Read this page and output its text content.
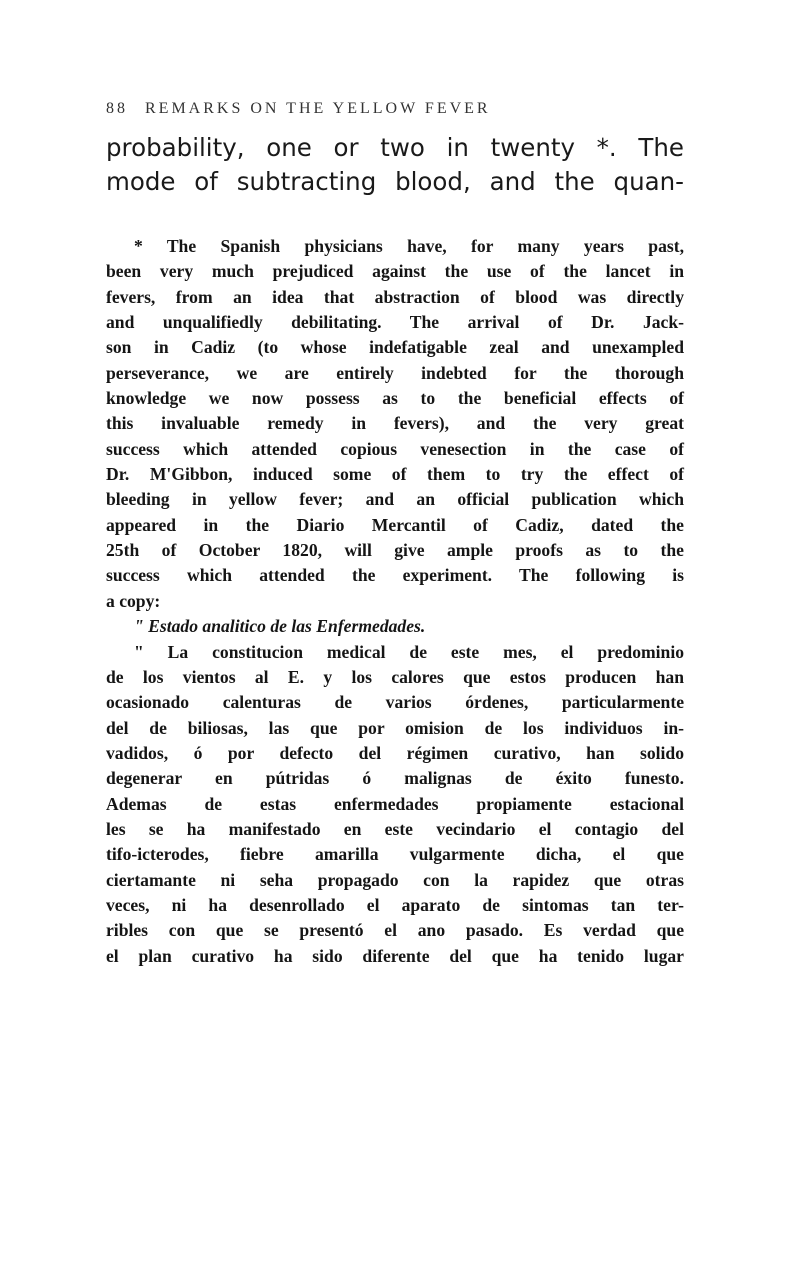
88 REMARKS ON THE YELLOW FEVER
probability, one or two in twenty *. The
mode of subtracting blood, and the quan-
* The Spanish physicians have, for many years past,
been very much prejudiced against the use of the lancet in
fevers, from an idea that abstraction of blood was directly
and unqualifiedly debilitating. The arrival of Dr. Jack-
son in Cadiz (to whose indefatigable zeal and unexampled
perseverance, we are entirely indebted for the thorough
knowledge we now possess as to the beneficial effects of
this invaluable remedy in fevers), and the very great
success which attended copious venesection in the case of
Dr. M'Gibbon, induced some of them to try the effect of
bleeding in yellow fever; and an official publication which
appeared in the Diario Mercantil of Cadiz, dated the
25th of October 1820, will give ample proofs as to the
success which attended the experiment. The following is
a copy:
" Estado analitico de las Enfermedades.
" La constitucion medical de este mes, el predominio
de los vientos al E. y los calores que estos producen han
ocasionado calenturas de varios órdenes, particularmente
del de biliosas, las que por omision de los individuos in-
vadidos, ó por defecto del régimen curativo, han solido
degenerar en pútridas ó malignas de éxito funesto.
Ademas de estas enfermedades propiamente estacional
les se ha manifestado en este vecindario el contagio del
tifo-icterodes, fiebre amarilla vulgarmente dicha, el que
ciertamante ni seha propagado con la rapidez que otras
veces, ni ha desenrollado el aparato de sintomas tan ter-
ribles con que se presentó el ano pasado. Es verdad que
el plan curativo ha sido diferente del que ha tenido lugar
